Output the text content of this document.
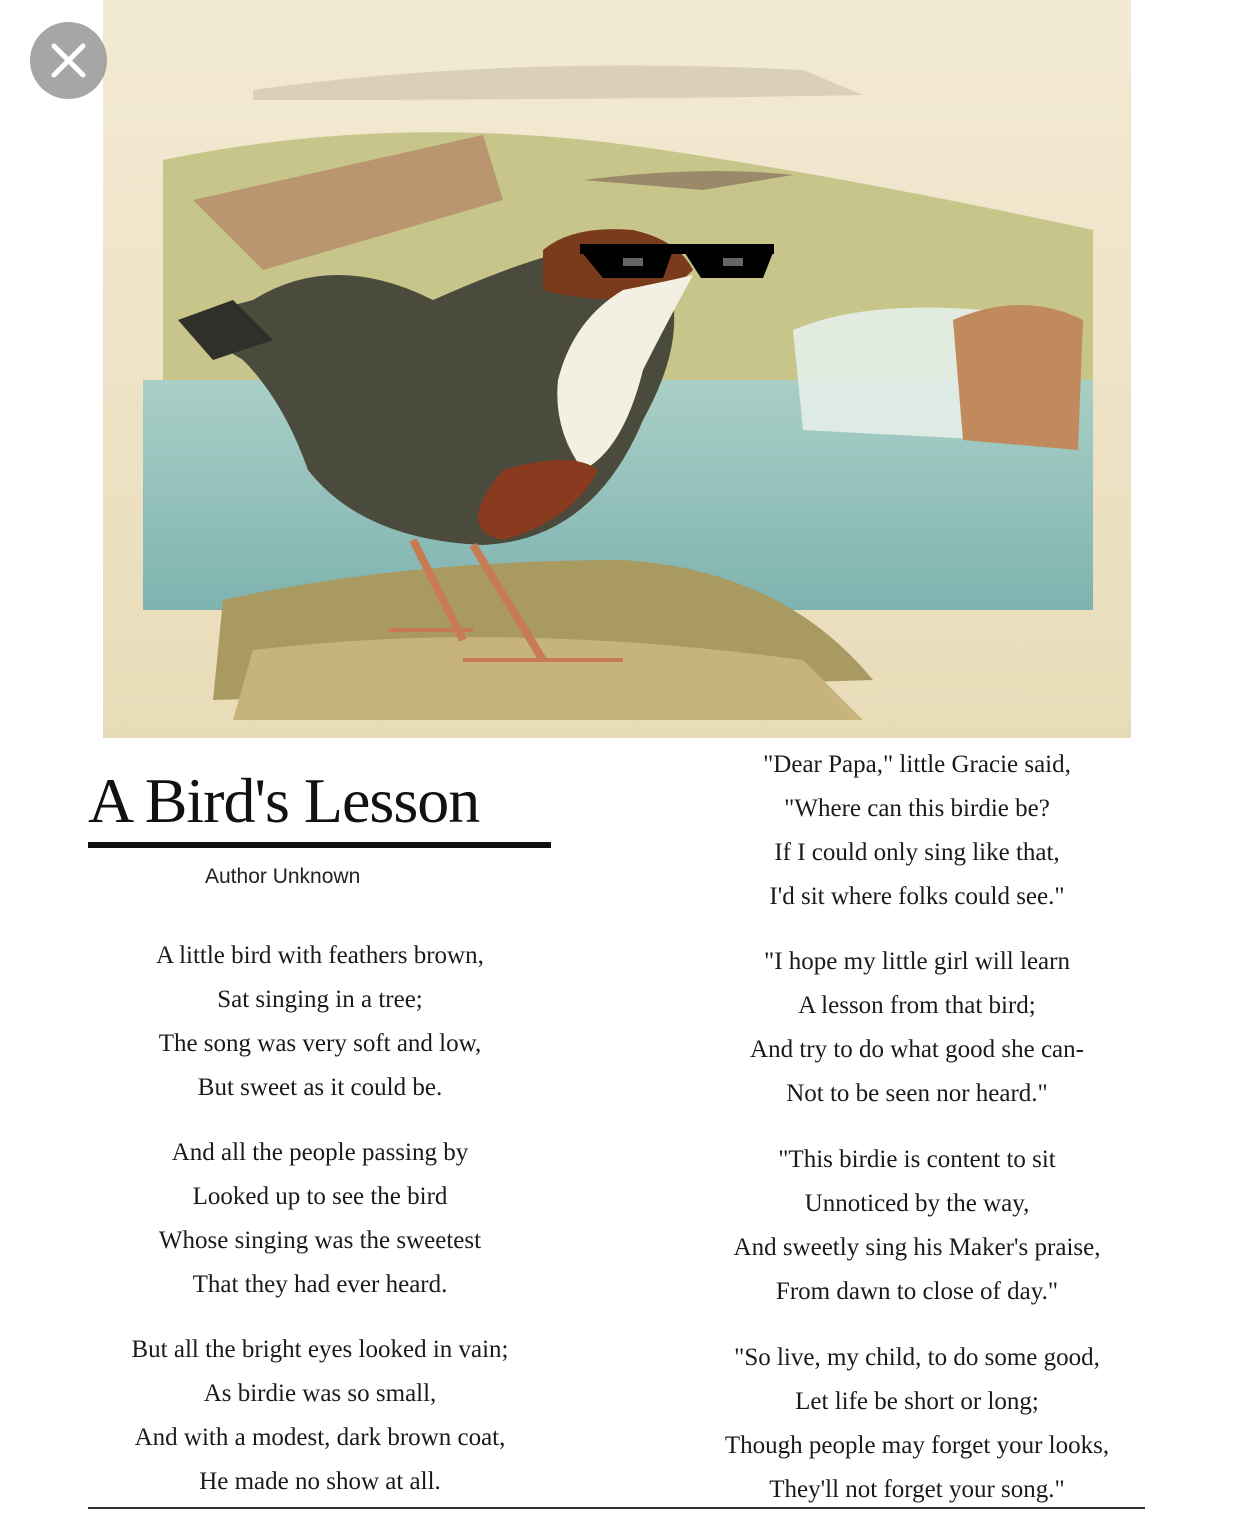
A Bird's Lesson
Author Unknown
A little bird with feathers brown,
Sat singing in a tree;
The song was very soft and low,
But sweet as it could be.
And all the people passing by
Looked up to see the bird
Whose singing was the sweetest
That they had ever heard.
But all the bright eyes looked in vain;
As birdie was so small,
And with a modest, dark brown coat,
He made no show at all.
"Dear Papa," little Gracie said,
"Where can this birdie be?
If I could only sing like that,
I'd sit where folks could see."
"I hope my little girl will learn
A lesson from that bird;
And try to do what good she can-
Not to be seen nor heard."
"This birdie is content to sit
Unnoticed by the way,
And sweetly sing his Maker's praise,
From dawn to close of day."
"So live, my child, to do some good,
Let life be short or long;
Though people may forget your looks,
They'll not forget your song."
